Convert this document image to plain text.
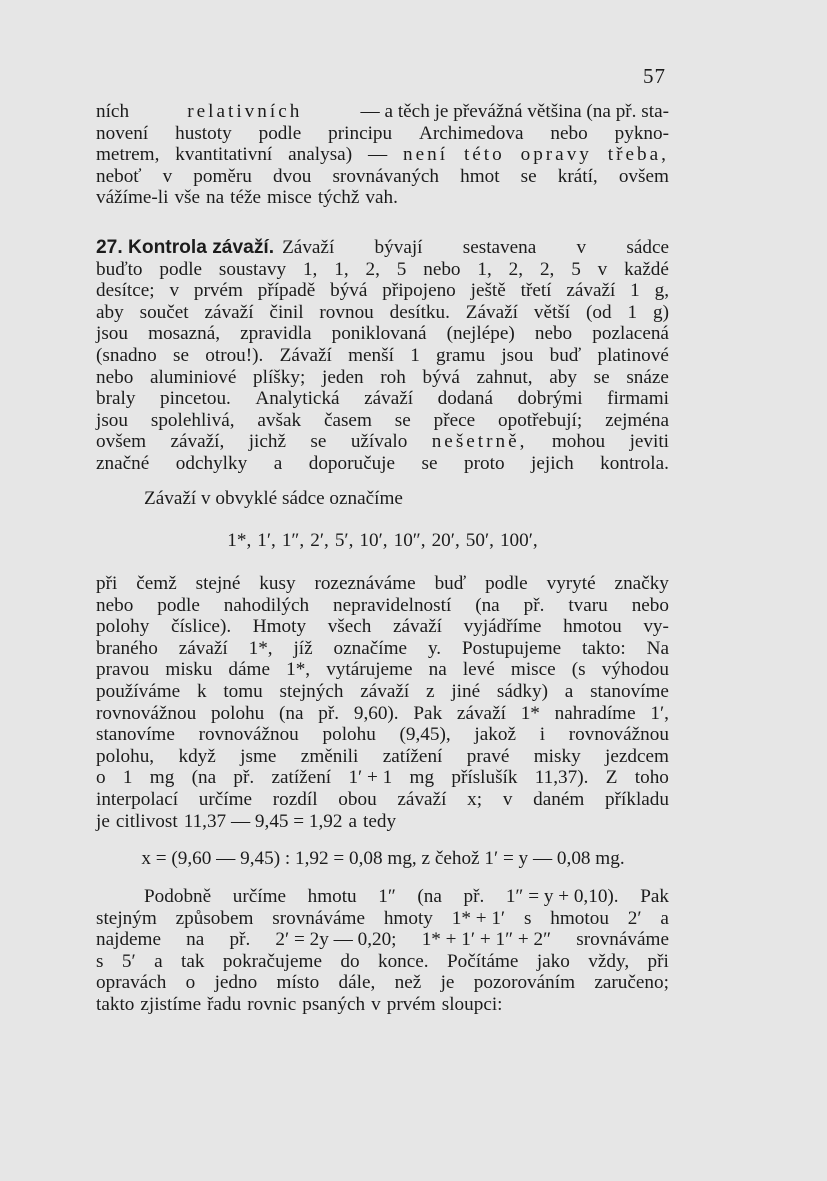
57
ních	relativních	— a těch je převážná většina (na př. sta-
novení hustoty podle principu Archimedova nebo pykno-
metrem, kvantitativní analysa) — není této opravy třeba,
neboť v poměru dvou srovnávaných hmot se krátí, ovšem
vážíme-li vše na téže misce týchž vah.
27. Kontrola závaží. Závaží bývají sestavena v sádce
buďto podle soustavy 1, 1, 2, 5 nebo 1, 2, 2, 5 v každé
desítce; v prvém případě bývá připojeno ještě třetí závaží 1 g,
aby součet závaží činil rovnou desítku. Závaží větší (od 1 g)
jsou mosazná, zpravidla poniklovaná (nejlépe) nebo pozlacená
(snadno se otrou!). Závaží menší 1 gramu jsou buď platinové
nebo aluminiové plíšky; jeden roh bývá zahnut, aby se snáze
braly pincetou. Analytická závaží dodaná dobrými firmami
jsou spolehlivá, avšak časem se přece opotřebují; zejména
ovšem závaží, jichž se užívalo nešetrně, mohou jeviti
značné odchylky a doporučuje se proto jejich kontrola.
Závaží v obvyklé sádce označíme
1*, 1′, 1″, 2′, 5′, 10′, 10″, 20′, 50′, 100′,
při čemž stejné kusy rozeznáváme buď podle vyryté značky
nebo podle nahodilých nepravidelností (na př. tvaru nebo
polohy číslice). Hmoty všech závaží vyjádříme hmotou vy-
braného závaží 1*, jíž označíme y. Postupujeme takto: Na
pravou misku dáme 1*, vytárujeme na levé misce (s výhodou
používáme k tomu stejných závaží z jiné sádky) a stanovíme
rovnovážnou polohu (na př. 9,60). Pak závaží 1* nahradíme 1′,
stanovíme rovnovážnou polohu (9,45), jakož i rovnovážnou
polohu, když jsme změnili zatížení pravé misky jezdcem
o 1 mg (na př. zatížení 1′ + 1 mg příslušík 11,37). Z toho
interpolací určíme rozdíl obou závaží x; v daném příkladu
je citlivost 11,37 — 9,45 = 1,92 a tedy
x = (9,60 — 9,45) : 1,92 = 0,08 mg, z čehož 1′ = y — 0,08 mg.
Podobně určíme hmotu 1″ (na př. 1″ = y + 0,10). Pak
stejným způsobem srovnáváme hmoty 1* + 1′ s hmotou 2′ a
najdeme na př. 2′ = 2y — 0,20; 1* + 1′ + 1″ + 2″ srovnáváme
s 5′ a tak pokračujeme do konce. Počítáme jako vždy, při
opravách o jedno místo dále, než je pozorováním zaručeno;
takto zjistíme řadu rovnic psaných v prvém sloupci:
